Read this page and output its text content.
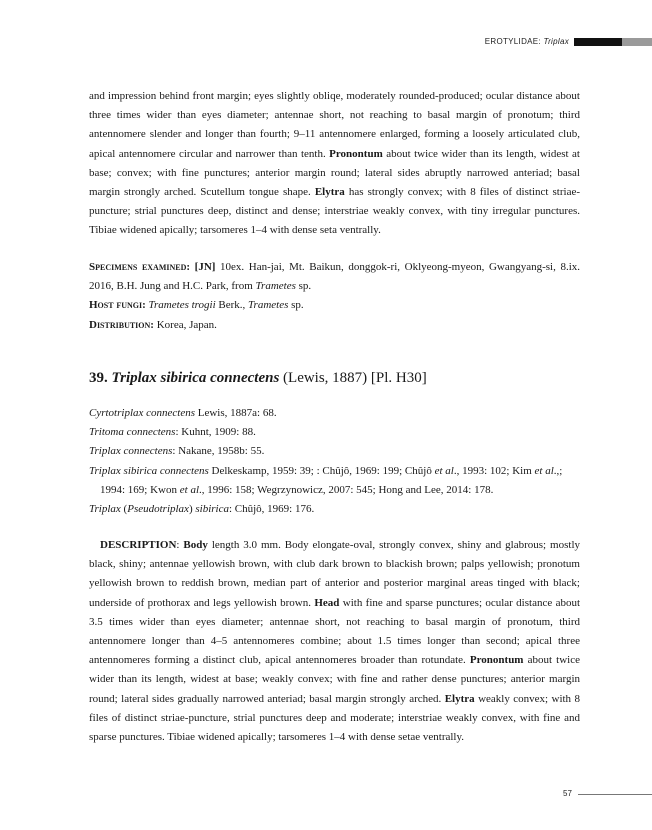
EROTYLIDAE: Triplax

and impression behind front margin; eyes slightly obliqe, moderately rounded-produced; ocular distance about three times wider than eyes diameter; antennae short, not reaching to basal margin of pronotum; third antennomere slender and longer than fourth; 9–11 antennomere enlarged, forming a loosely articulated club, apical antennomere circular and narrower than tenth. Pronontum about twice wider than its length, widest at base; convex; with fine punctures; anterior margin round; lateral sides abruptly narrowed anteriad; basal margin strongly arched. Scutellum tongue shape. Elytra has strongly convex; with 8 files of distinct striae-puncture; strial punctures deep, distinct and dense; interstriae weakly convex, with tiny irregular punctures. Tibiae widened apically; tarsomeres 1–4 with dense seta ventrally.

Specimens examined: [JN] 10ex. Han-jai, Mt. Baikun, donggok-ri, Oklyeong-myeon, Gwangyang-si, 8.ix. 2016, B.H. Jung and H.C. Park, from Trametes sp.

Host fungi: Trametes trogii Berk., Trametes sp.

Distribution: Korea, Japan.

39. Triplax sibirica connectens (Lewis, 1887) [Pl. H30]

Cyrtotriplax connectens Lewis, 1887a: 68.

Tritoma connectens: Kuhnt, 1909: 88.

Triplax connectens: Nakane, 1958b: 55.

Triplax sibirica connectens Delkeskamp, 1959: 39; : Chûjô, 1969: 199; Chûjô et al., 1993: 102; Kim et al.,; 1994: 169; Kwon et al., 1996: 158; Wegrzynowicz, 2007: 545; Hong and Lee, 2014: 178.

Triplax (Pseudotriplax) sibirica: Chûjô, 1969: 176.

DESCRIPTION: Body length 3.0 mm. Body elongate-oval, strongly convex, shiny and glabrous; mostly black, shiny; antennae yellowish brown, with club dark brown to blackish brown; palps yellowish; pronotum yellowish brown to reddish brown, median part of anterior and posterior marginal areas tinged with black; underside of prothorax and legs yellowish brown. Head with fine and sparse punctures; ocular distance about 3.5 times wider than eyes diameter; antennae short, not reaching to basal margin of pronotum, third antennomere longer than 4–5 antennomeres combine; about 1.5 times longer than second; apical three antennomeres forming a distinct club, apical antennomeres broader than rotundate. Pronontum about twice wider than its length, widest at base; weakly convex; with fine and rather dense punctures; anterior margin round; lateral sides gradually narrowed anteriad; basal margin strongly arched. Elytra weakly convex; with 8 files of distinct striae-puncture, strial punctures deep and moderate; interstriae weakly convex, with fine and sparse punctures. Tibiae widened apically; tarsomeres 1–4 with dense setae ventrally.

57
